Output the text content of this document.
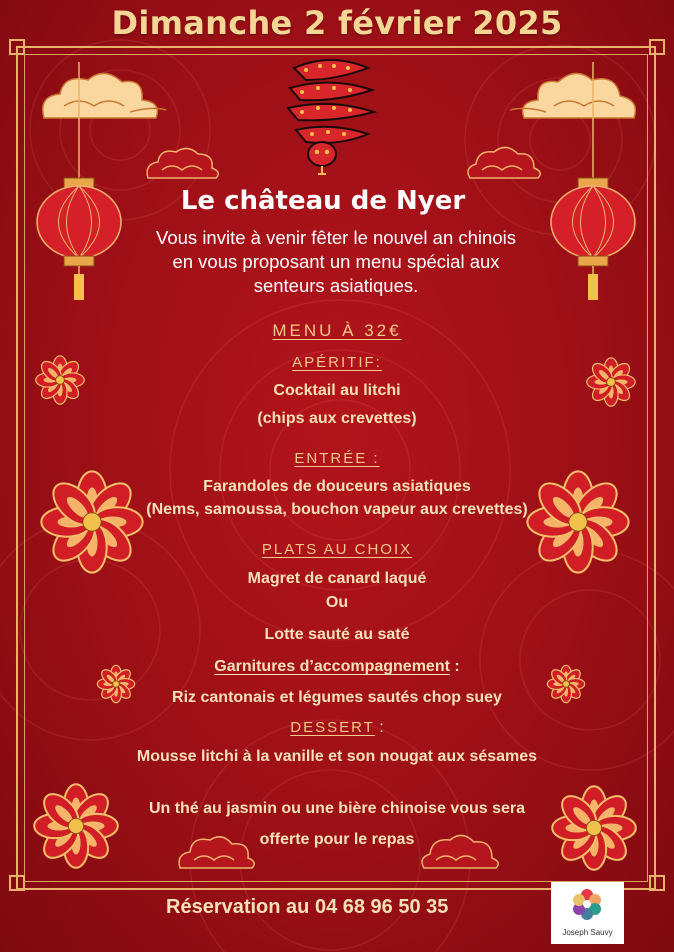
Dimanche 2 février 2025
Le château de Nyer
Vous invite à venir fêter le nouvel an chinois
en vous proposant un menu spécial aux
senteurs asiatiques.
MENU À 32€
APÉRITIF:
Cocktail au litchi
(chips aux crevettes)
ENTRÉE :
Farandoles de douceurs asiatiques
(Nems, samoussa, bouchon vapeur aux crevettes)
PLATS AU CHOIX
Magret de canard laqué
Ou
Lotte sauté au saté
Garnitures d’accompagnement :
Riz cantonais et légumes sautés chop suey
DESSERT :
Mousse litchi à la vanille et son nougat aux sésames
Un thé au jasmin ou une bière chinoise vous sera
offerte pour le repas
Réservation au 04 68 96 50 35
Joseph Sauvy
